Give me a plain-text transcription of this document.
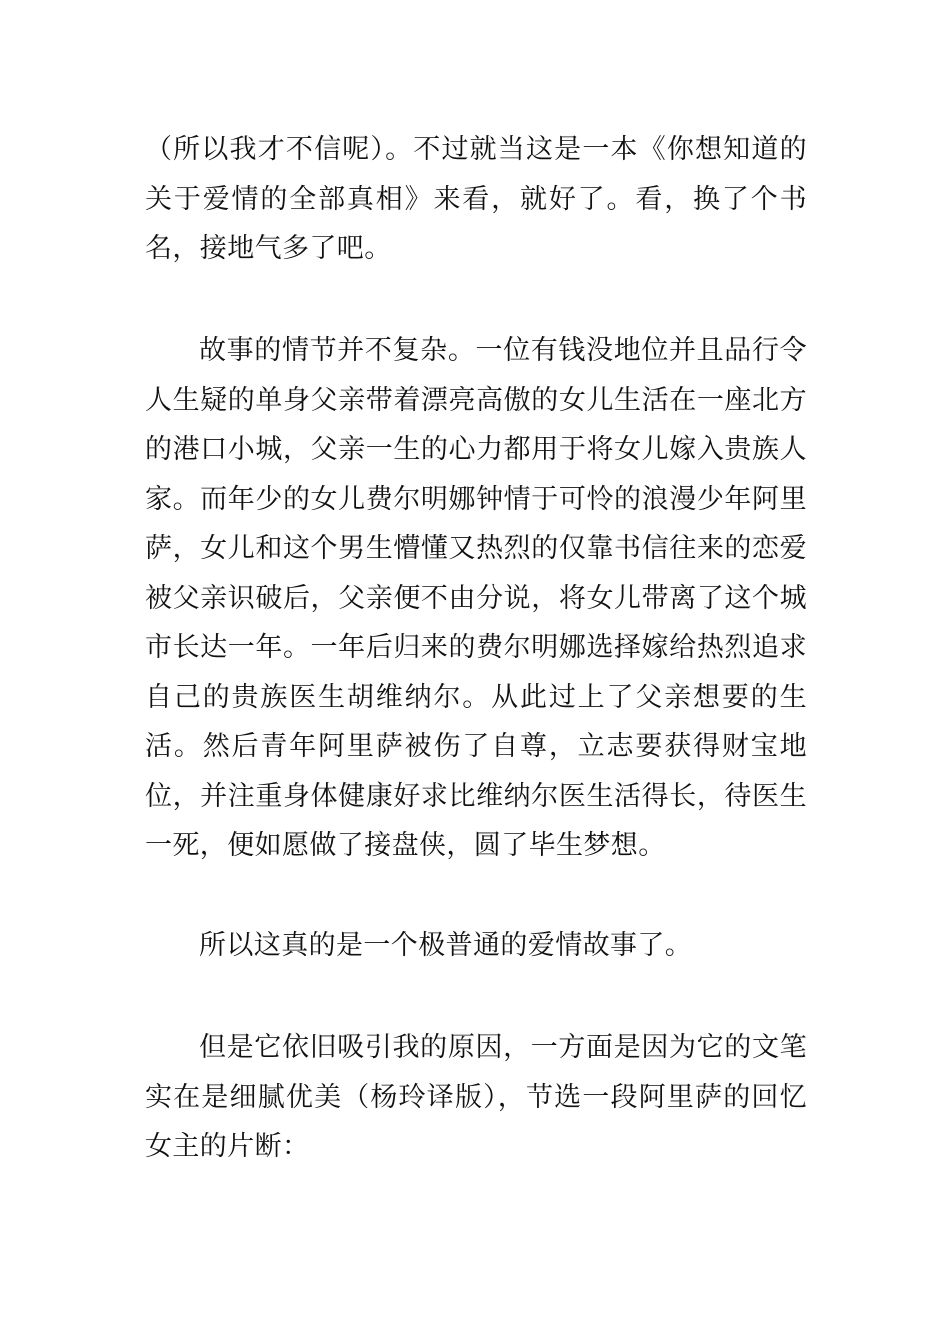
（所以我才不信呢）。不过就当这是一本《你想知道的关于爱情的全部真相》来看，就好了。看，换了个书名，接地气多了吧。

故事的情节并不复杂。一位有钱没地位并且品行令人生疑的单身父亲带着漂亮高傲的女儿生活在一座北方的港口小城，父亲一生的心力都用于将女儿嫁入贵族人家。而年少的女儿费尔明娜钟情于可怜的浪漫少年阿里萨，女儿和这个男生懵懂又热烈的仅靠书信往来的恋爱被父亲识破后，父亲便不由分说，将女儿带离了这个城市长达一年。一年后归来的费尔明娜选择嫁给热烈追求自己的贵族医生胡维纳尔。从此过上了父亲想要的生活。然后青年阿里萨被伤了自尊，立志要获得财宝地位，并注重身体健康好求比维纳尔医生活得长，待医生一死，便如愿做了接盘侠，圆了毕生梦想。

所以这真的是一个极普通的爱情故事了。

但是它依旧吸引我的原因，一方面是因为它的文笔实在是细腻优美（杨玲译版），节选一段阿里萨的回忆女主的片断：
